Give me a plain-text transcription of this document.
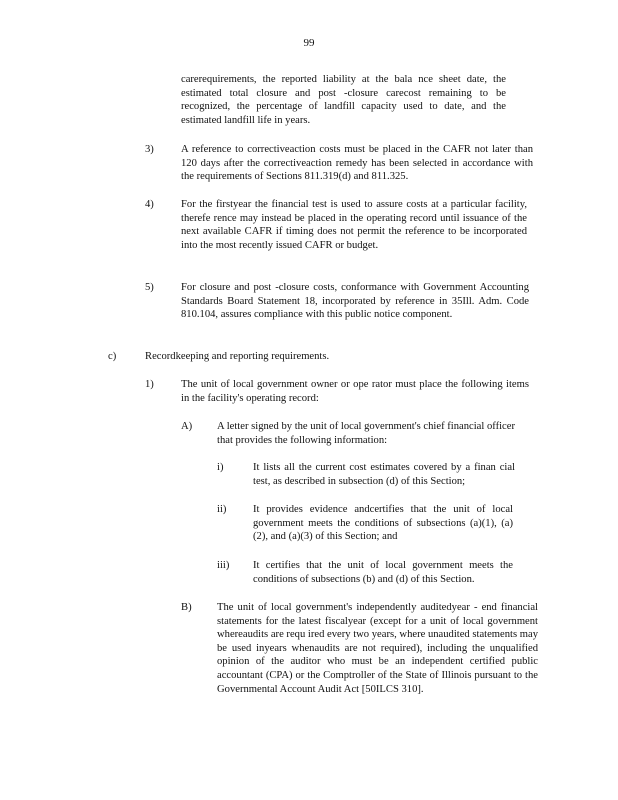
99
carerequirements, the reported liability at the bala nce sheet date, the estimated total closure and post -closure carecost remaining to be recognized, the percentage of landfill capacity used to date, and the estimated landfill life in years.
3)	A reference to correctiveaction costs must be placed in the CAFR not later than 120 days after the correctiveaction remedy has been selected in accordance with the requirements of Sections 811.319(d) and 811.325.
4)	For the firstyear the financial test is used to assure costs at a particular facility, therefe rence may instead be placed in the operating record until issuance of the next available CAFR if timing does not permit the reference to be incorporated into the most recently issued CAFR or budget.
5)	For closure and post -closure costs, conformance with Government Accounting Standards Board Statement 18, incorporated by reference in 35Ill. Adm. Code 810.104, assures compliance with this public notice component.
c)	Recordkeeping and reporting requirements.
1)	The unit of local government owner or ope rator must place the following items in the facility's operating record:
A) A letter signed by the unit of local government's chief financial officer that provides the following information:
i)	It lists all the current cost estimates covered by a finan cial test, as described in subsection (d) of this Section;
ii)	It provides evidence andcertifies that the unit of local government meets the conditions of subsections (a)(1), (a)(2), and (a)(3) of this Section; and
iii) It certifies that the unit of local government meets the conditions of subsections (b) and (d) of this Section.
B) The unit of local government's independently auditedyear - end financial statements for the latest fiscalyear (except for a unit of local government whereaudits are requ ired every two years, where unaudited statements may be used inyears whenaudits are not required), including the unqualified opinion of the auditor who must be an independent certified public accountant (CPA) or the Comptroller of the State of Illinois pursuant to the Governmental Account Audit Act [50ILCS 310].
